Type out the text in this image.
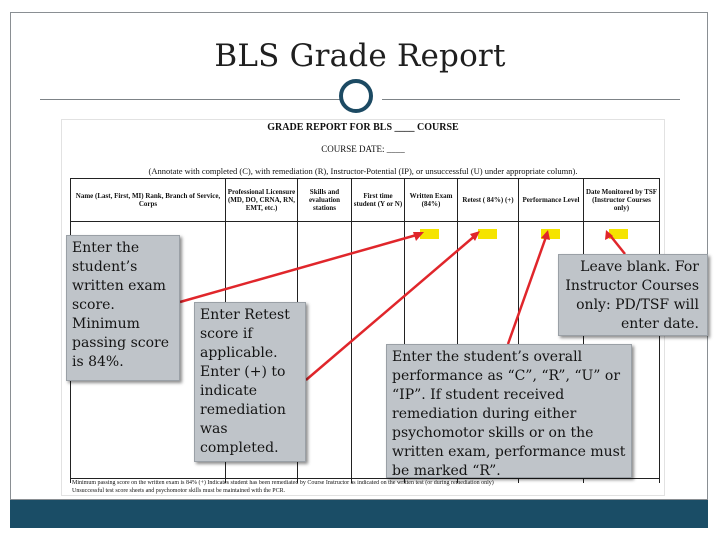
BLS Grade Report
GRADE REPORT FOR BLS ____ COURSE
COURSE DATE: ____
(Annotate with completed (C), with remediation (R), Instructor-Potential (IP), or unsuccessful (U) under appropriate column).
Name (Last, First, MI) Rank, Branch of Service, Corps
Professional Licensure (MD, DO, CRNA, RN, EMT, etc.)
Skills and evaluation stations
First time student (Y or N)
Written Exam (84%)	Retest ( 84%) (+)	Performance Level
Date Monitored by TSF (Instructor Courses only)
Minimum passing score on the written exam is 84% (+) Indicates student has been remediated by Course Instructor as indicated on the written test (or during remediation only)
Unsuccessful test score sheets and psychomotor skills must be maintained with the PCR.
Enter the
student’s
written exam
score.
Minimum
passing score
is 84%.
Enter Retest
score if
applicable.
Enter (+) to
indicate
remediation
was
completed.
Leave blank. For
Instructor Courses
only: PD/TSF will
enter date.
Enter the student’s overall
performance as “C”, “R”, “U” or
“IP”. If student received
remediation during either
psychomotor skills or on the
written exam, performance must
be marked “R”.
